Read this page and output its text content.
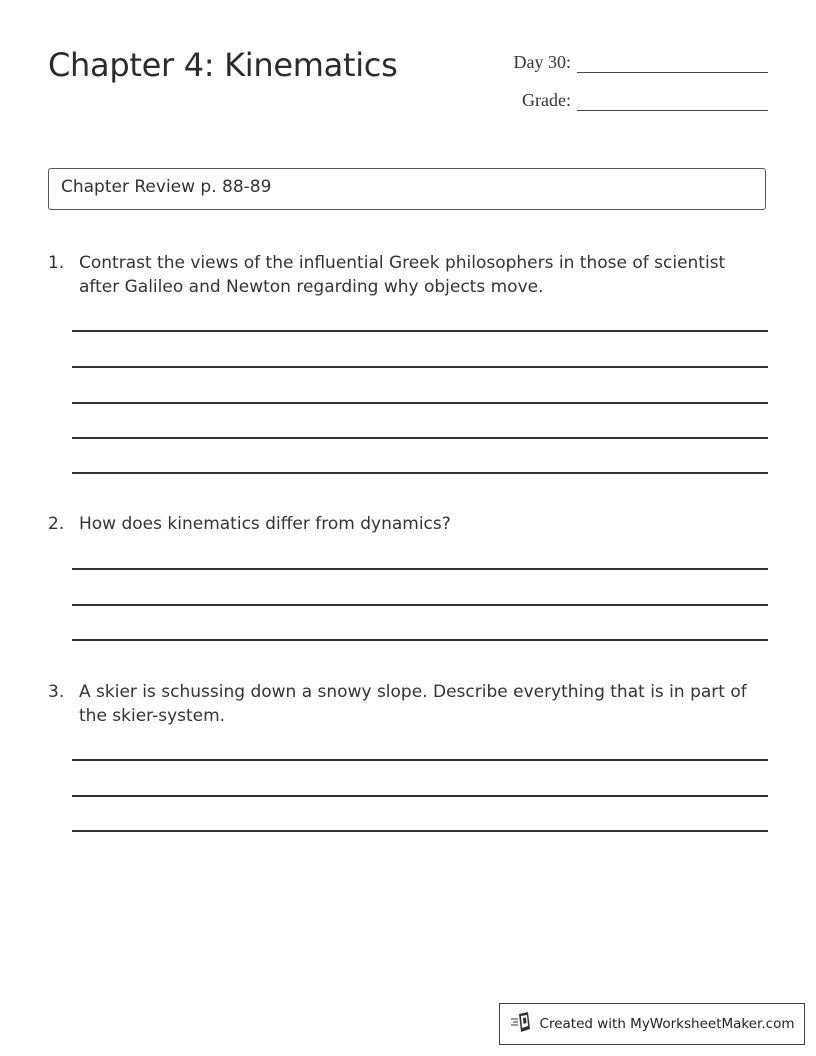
Chapter 4: Kinematics	Day 30:
Grade:
Chapter Review p. 88-89
1. Contrast the views of the influential Greek philosophers in those of scientist after Galileo and Newton regarding why objects move.
2. How does kinematics differ from dynamics?
3. A skier is schussing down a snowy slope. Describe everything that is in part of the skier-system.
Created with MyWorksheetMaker.com
